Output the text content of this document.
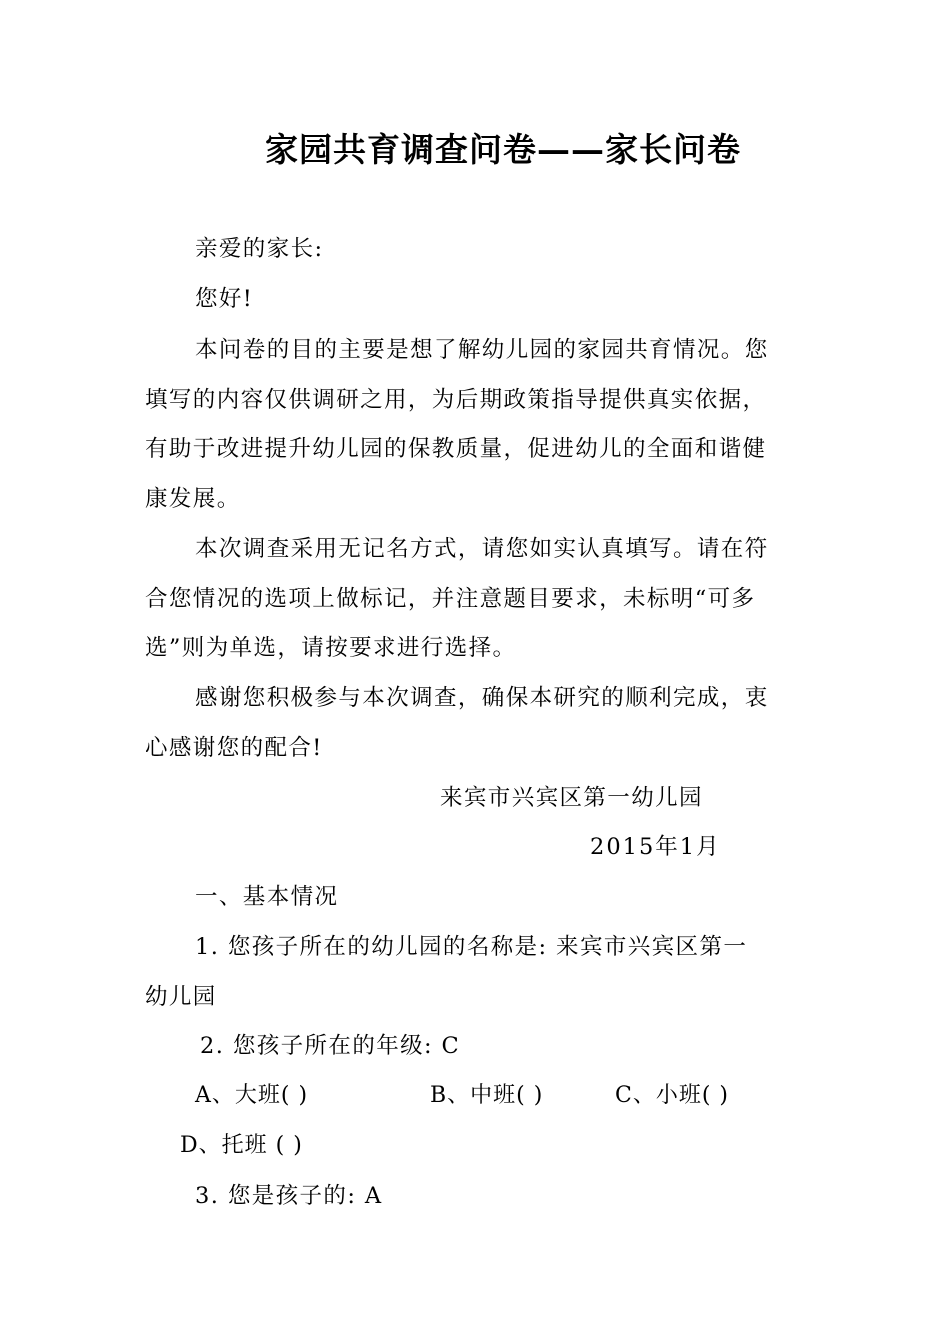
家园共育调查问卷——家长问卷
亲爱的家长:
您好!
本问卷的目的主要是想了解幼儿园的家园共育情况。您
填写的内容仅供调研之用，为后期政策指导提供真实依据，
有助于改进提升幼儿园的保教质量，促进幼儿的全面和谐健
康发展。
本次调查采用无记名方式，请您如实认真填写。请在符
合您情况的选项上做标记，并注意题目要求，未标明“可多
选”则为单选，请按要求进行选择。
感谢您积极参与本次调查，确保本研究的顺利完成，衷
心感谢您的配合!
来宾市兴宾区第一幼儿园
2015年1月
一、基本情况
1. 您孩子所在的幼儿园的名称是: 来宾市兴宾区第一
幼儿园
2. 您孩子所在的年级: C
A、大班( )	B、中班( )	C、小班( )
D、托班 ( )
3. 您是孩子的: A
